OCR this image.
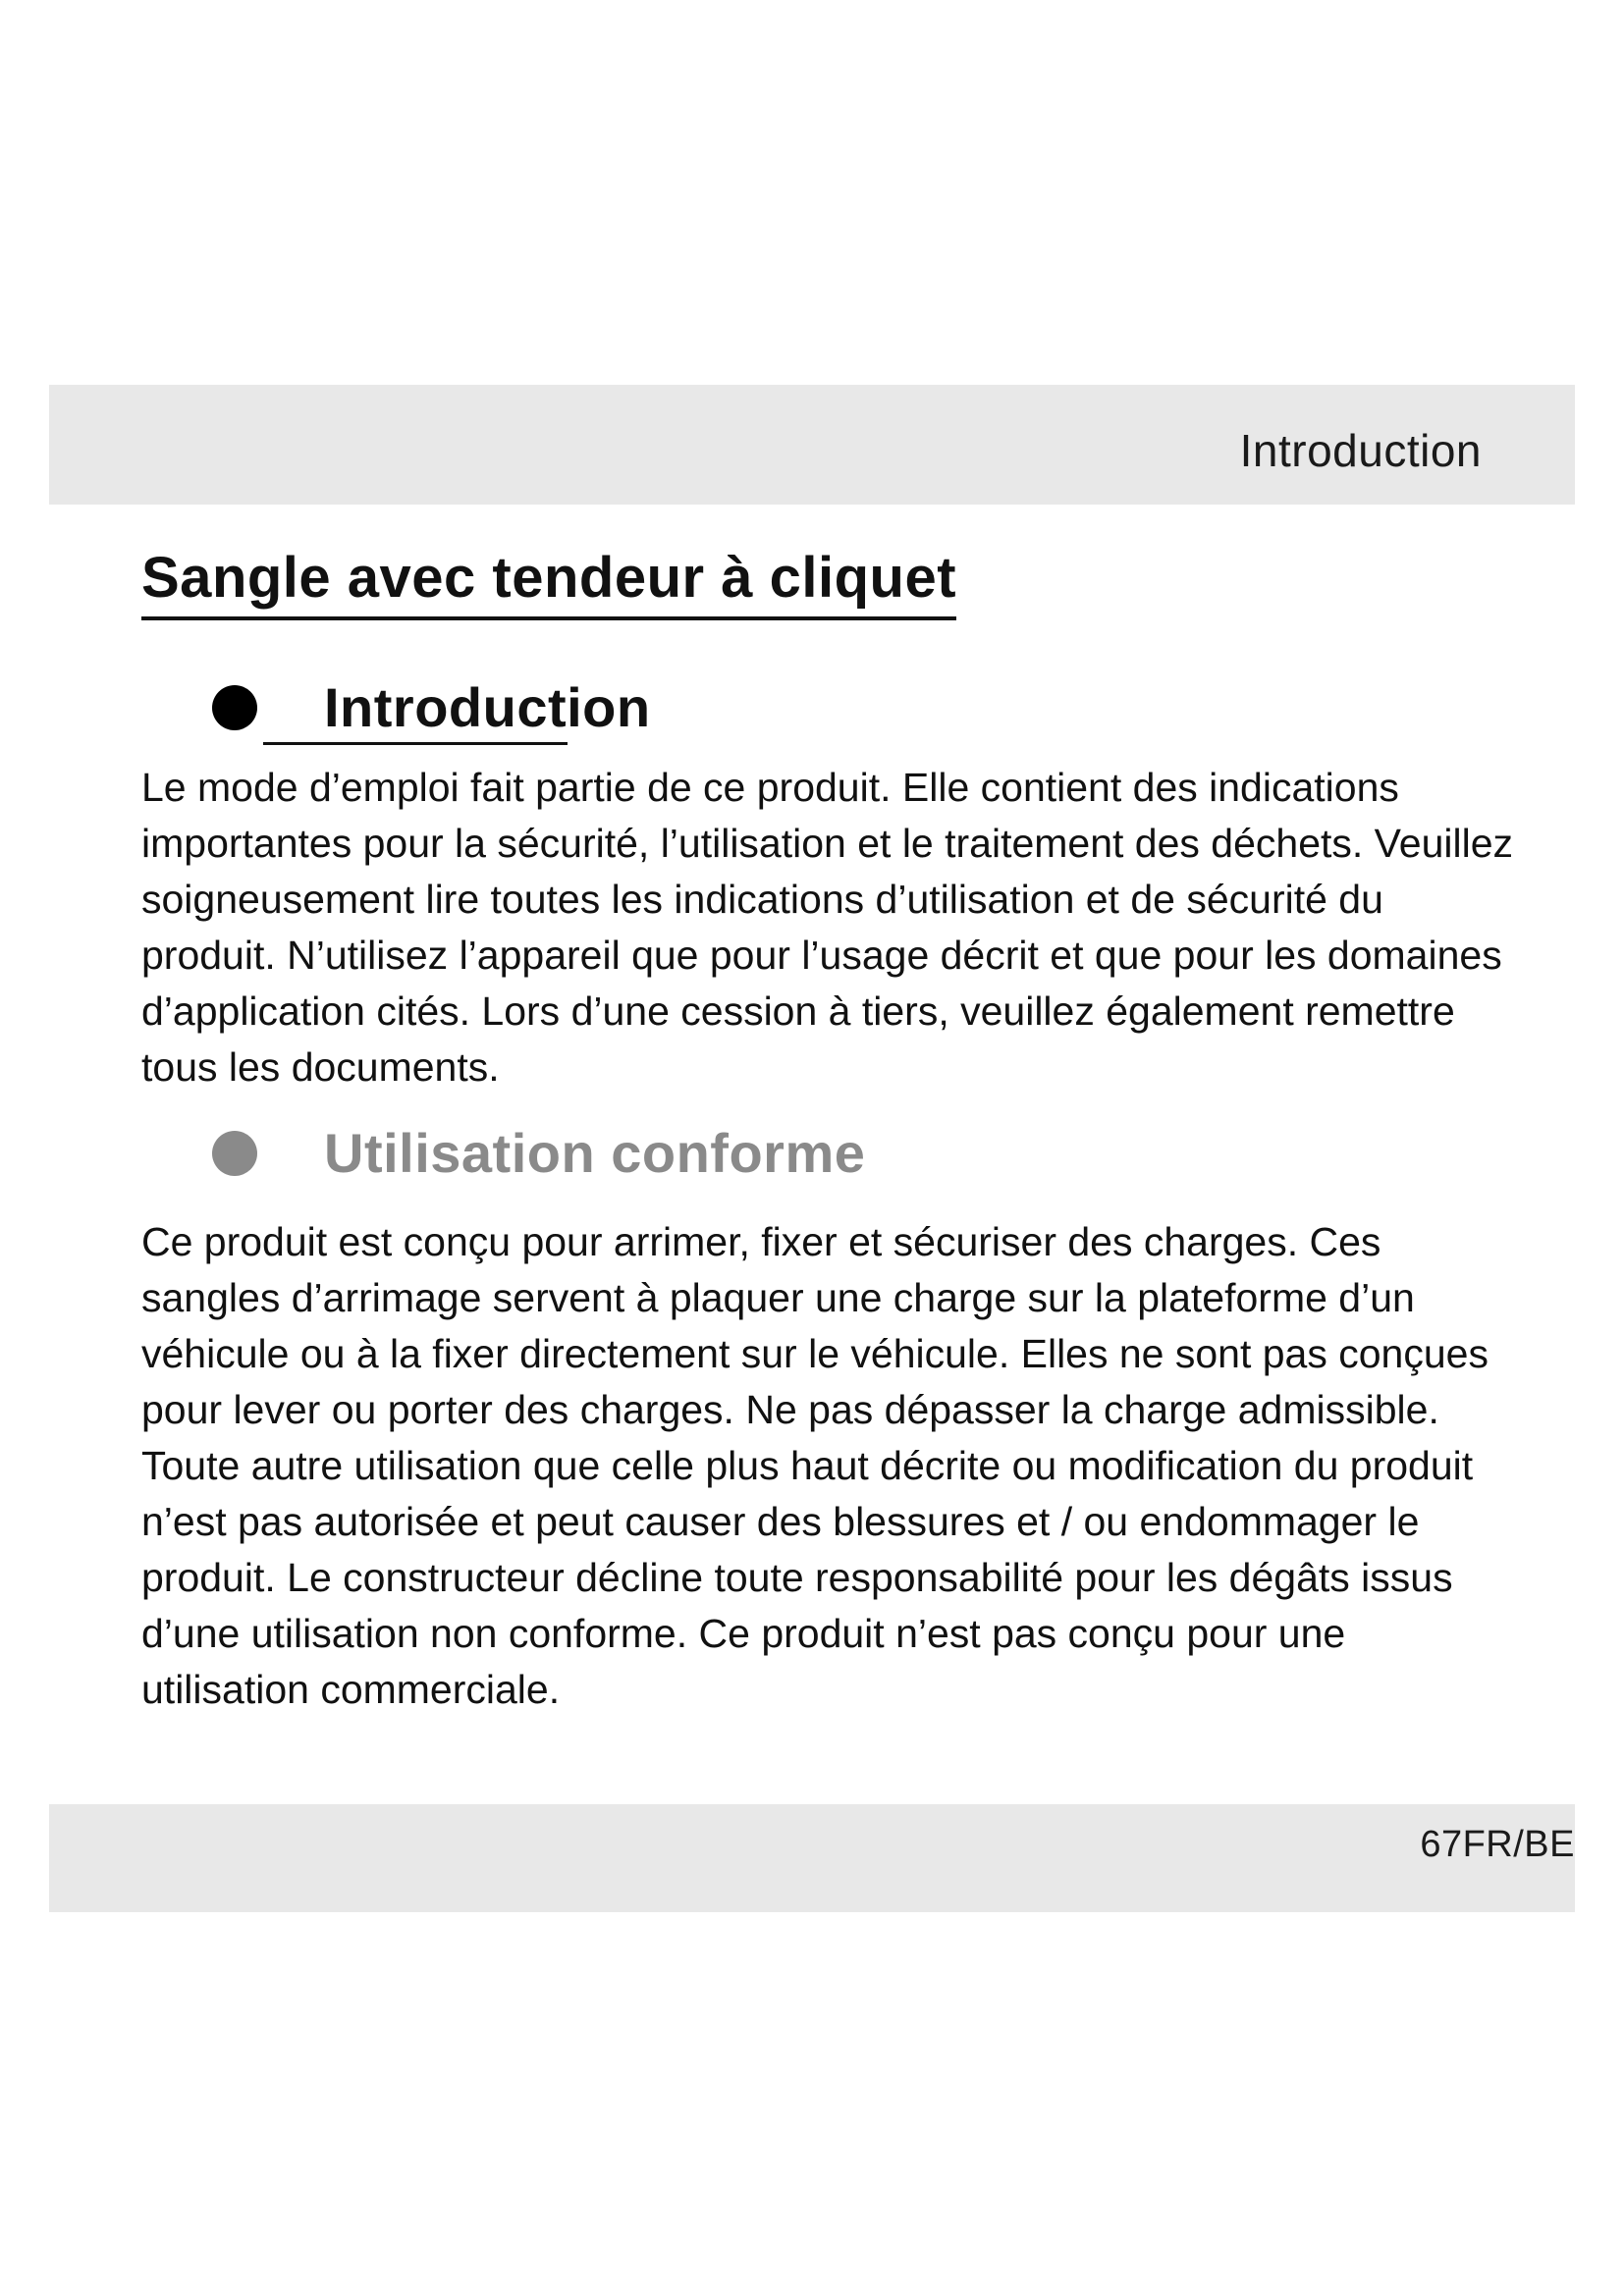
Introduction
Sangle avec tendeur à cliquet
Introduction

Le mode d’emploi fait partie de ce produit. Elle contient des indications importantes pour la sécurité, l’utilisation et le traitement des déchets. Veuillez soigneusement lire toutes les indications d’utilisation et de sécurité du produit. N’utilisez l’appareil que pour l’usage décrit et que pour les domaines d’application cités. Lors d’une cession à tiers, veuillez également remettre tous les documents.

Utilisation conforme

Ce produit est conçu pour arrimer, fixer et sécuriser des charges. Ces sangles d’arrimage servent à plaquer une charge sur la plateforme d’un véhicule ou à la fixer directement sur le véhicule. Elles ne sont pas conçues pour lever ou porter des charges. Ne pas dépasser la charge admissible. Toute autre utilisation que celle plus haut décrite ou modification du produit n’est pas autorisée et peut causer des blessures et / ou endommager le produit. Le constructeur décline toute responsabilité pour les dégâts issus d’une utilisation non conforme. Ce produit n’est pas conçu pour une utilisation commerciale.

67FR/BE
